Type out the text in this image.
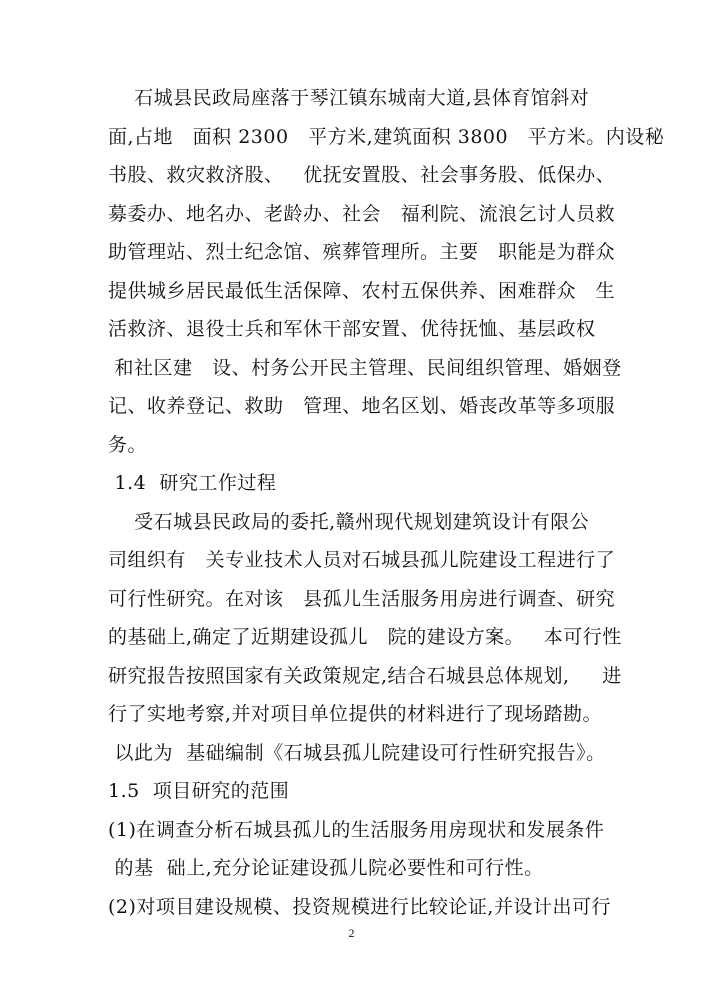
石城县民政局座落于琴江镇东城南大道,县体育馆斜对
面,占地   面积 2300   平方米,建筑面积 3800   平方米。内设秘
书股、救灾救济股、   优抚安置股、社会事务股、低保办、
募委办、地名办、老龄办、社会   福利院、流浪乞讨人员救
助管理站、烈士纪念馆、殡葬管理所。主要   职能是为群众
提供城乡居民最低生活保障、农村五保供养、困难群众   生
活救济、退役士兵和军休干部安置、优待抚恤、基层政权
和社区建   设、村务公开民主管理、民间组织管理、婚姻登
记、收养登记、救助   管理、地名区划、婚丧改革等多项服
务。
1.4  研究工作过程
受石城县民政局的委托,赣州现代规划建筑设计有限公
司组织有   关专业技术人员对石城县孤儿院建设工程进行了
可行性研究。在对该   县孤儿生活服务用房进行调查、研究
的基础上,确定了近期建设孤儿   院的建设方案。   本可行性
研究报告按照国家有关政策规定,结合石城县总体规划,     进
行了实地考察,并对项目单位提供的材料进行了现场踏勘。
以此为  基础编制《石城县孤儿院建设可行性研究报告》。
1.5  项目研究的范围
(1)在调查分析石城县孤儿的生活服务用房现状和发展条件
的基  础上,充分论证建设孤儿院必要性和可行性。
(2)对项目建设规模、投资规模进行比较论证,并设计出可行
2
